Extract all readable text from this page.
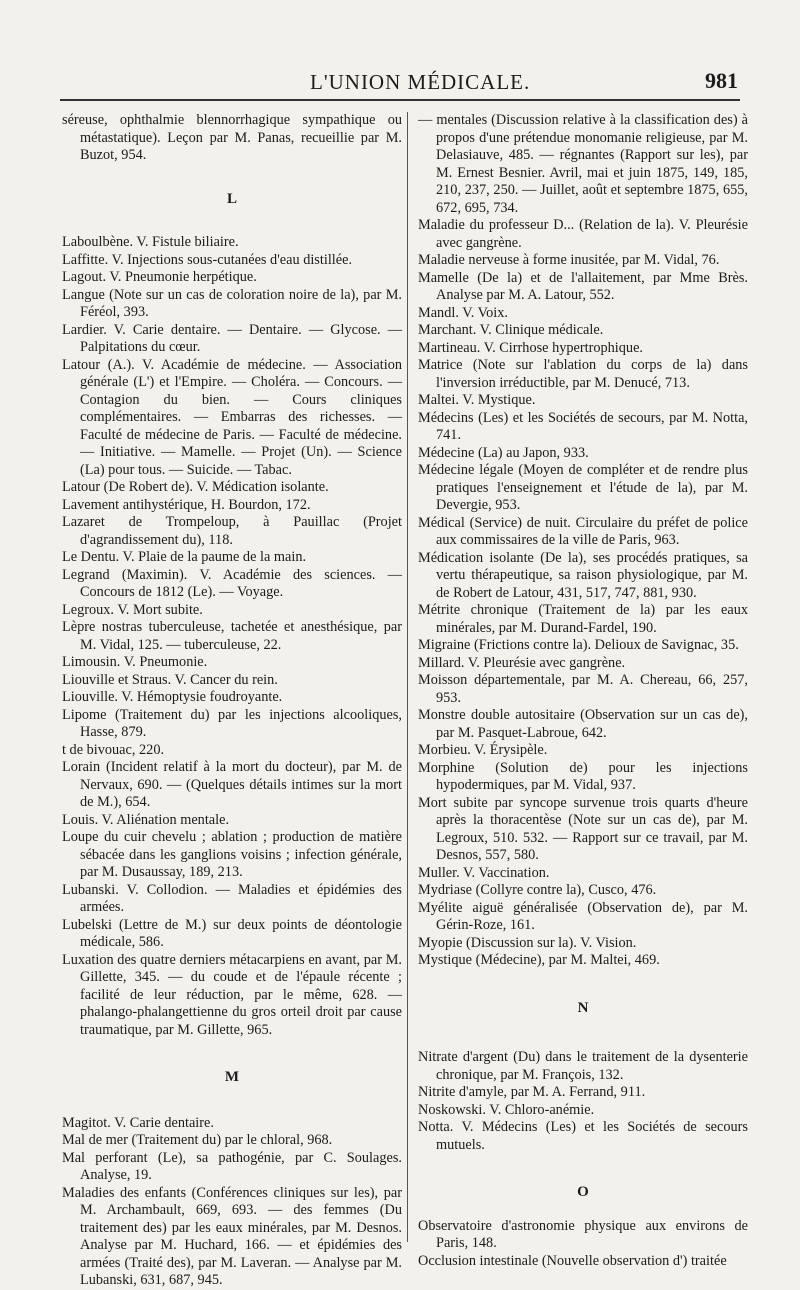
L'UNION MÉDICALE.	981

séreuse, ophthalmie blennorrhagique sympathique ou métastatique). Leçon par M. Panas, recueillie par M. Buzot, 954.

L

Laboulbène. V. Fistule biliaire.

Laffitte. V. Injections sous-cutanées d'eau distillée.

Lagout. V. Pneumonie herpétique.

Langue (Note sur un cas de coloration noire de la), par M. Féréol, 393.

Lardier. V. Carie dentaire. — Dentaire. — Glycose. — Palpitations du cœur.

Latour (A.). V. Académie de médecine. — Association générale (L') et l'Empire. — Choléra. — Concours. — Contagion du bien. — Cours cliniques complémentaires. — Embarras des richesses. — Faculté de médecine de Paris. — Faculté de médecine. — Initiative. — Mamelle. — Projet (Un). — Science (La) pour tous. — Suicide. — Tabac.

Latour (De Robert de). V. Médication isolante.

Lavement antihystérique, H. Bourdon, 172.

Lazaret de Trompeloup, à Pauillac (Projet d'agrandissement du), 118.

Le Dentu. V. Plaie de la paume de la main.

Legrand (Maximin). V. Académie des sciences. — Concours de 1812 (Le). — Voyage.

Legroux. V. Mort subite.

Lèpre nostras tuberculeuse, tachetée et anesthésique, par M. Vidal, 125. — tuberculeuse, 22.

Limousin. V. Pneumonie.

Liouville et Straus. V. Cancer du rein.

Liouville. V. Hémoptysie foudroyante.

Lipome (Traitement du) par les injections alcooliques, Hasse, 879.

t de bivouac, 220.

Lorain (Incident relatif à la mort du docteur), par M. de Nervaux, 690. — (Quelques détails intimes sur la mort de M.), 654.

Louis. V. Aliénation mentale.

Loupe du cuir chevelu ; ablation ; production de matière sébacée dans les ganglions voisins ; infection générale, par M. Dusaussay, 189, 213.

Lubanski. V. Collodion. — Maladies et épidémies des armées.

Lubelski (Lettre de M.) sur deux points de déontologie médicale, 586.

Luxation des quatre derniers métacarpiens en avant, par M. Gillette, 345. — du coude et de l'épaule récente ; facilité de leur réduction, par le même, 628. — phalango-phalangettienne du gros orteil droit par cause traumatique, par M. Gillette, 965.

M

Magitot. V. Carie dentaire.

Mal de mer (Traitement du) par le chloral, 968.

Mal perforant (Le), sa pathogénie, par C. Soulages. Analyse, 19.

Maladies des enfants (Conférences cliniques sur les), par M. Archambault, 669, 693. — des femmes (Du traitement des) par les eaux minérales, par M. Desnos. Analyse par M. Huchard, 166. — et épidémies des armées (Traité des), par M. Laveran. — Analyse par M. Lubanski, 631, 687, 945.

— mentales (Discussion relative à la classification des) à propos d'une prétendue monomanie religieuse, par M. Delasiauve, 485. — régnantes (Rapport sur les), par M. Ernest Besnier. Avril, mai et juin 1875, 149, 185, 210, 237, 250. — Juillet, août et septembre 1875, 655, 672, 695, 734.

Maladie du professeur D... (Relation de la). V. Pleurésie avec gangrène.

Maladie nerveuse à forme inusitée, par M. Vidal, 76.

Mamelle (De la) et de l'allaitement, par Mme Brès. Analyse par M. A. Latour, 552.

Mandl. V. Voix.

Marchant. V. Clinique médicale.

Martineau. V. Cirrhose hypertrophique.

Matrice (Note sur l'ablation du corps de la) dans l'inversion irréductible, par M. Denucé, 713.

Maltei. V. Mystique.

Médecins (Les) et les Sociétés de secours, par M. Notta, 741.

Médecine (La) au Japon, 933.

Médecine légale (Moyen de compléter et de rendre plus pratiques l'enseignement et l'étude de la), par M. Devergie, 953.

Médical (Service) de nuit. Circulaire du préfet de police aux commissaires de la ville de Paris, 963.

Médication isolante (De la), ses procédés pratiques, sa vertu thérapeutique, sa raison physiologique, par M. de Robert de Latour, 431, 517, 747, 881, 930.

Métrite chronique (Traitement de la) par les eaux minérales, par M. Durand-Fardel, 190.

Migraine (Frictions contre la). Delioux de Savignac, 35.

Millard. V. Pleurésie avec gangrène.

Moisson départementale, par M. A. Chereau, 66, 257, 953.

Monstre double autositaire (Observation sur un cas de), par M. Pasquet-Labroue, 642.

Morbieu. V. Érysipèle.

Morphine (Solution de) pour les injections hypodermiques, par M. Vidal, 937.

Mort subite par syncope survenue trois quarts d'heure après la thoracentèse (Note sur un cas de), par M. Legroux, 510. 532. — Rapport sur ce travail, par M. Desnos, 557, 580.

Muller. V. Vaccination.

Mydriase (Collyre contre la), Cusco, 476.

Myélite aiguë généralisée (Observation de), par M. Gérin-Roze, 161.

Myopie (Discussion sur la). V. Vision.

Mystique (Médecine), par M. Maltei, 469.

N

Nitrate d'argent (Du) dans le traitement de la dysenterie chronique, par M. François, 132.

Nitrite d'amyle, par M. A. Ferrand, 911.

Noskowski. V. Chloro-anémie.

Notta. V. Médecins (Les) et les Sociétés de secours mutuels.

O

Observatoire d'astronomie physique aux environs de Paris, 148.

Occlusion intestinale (Nouvelle observation d') traitée
